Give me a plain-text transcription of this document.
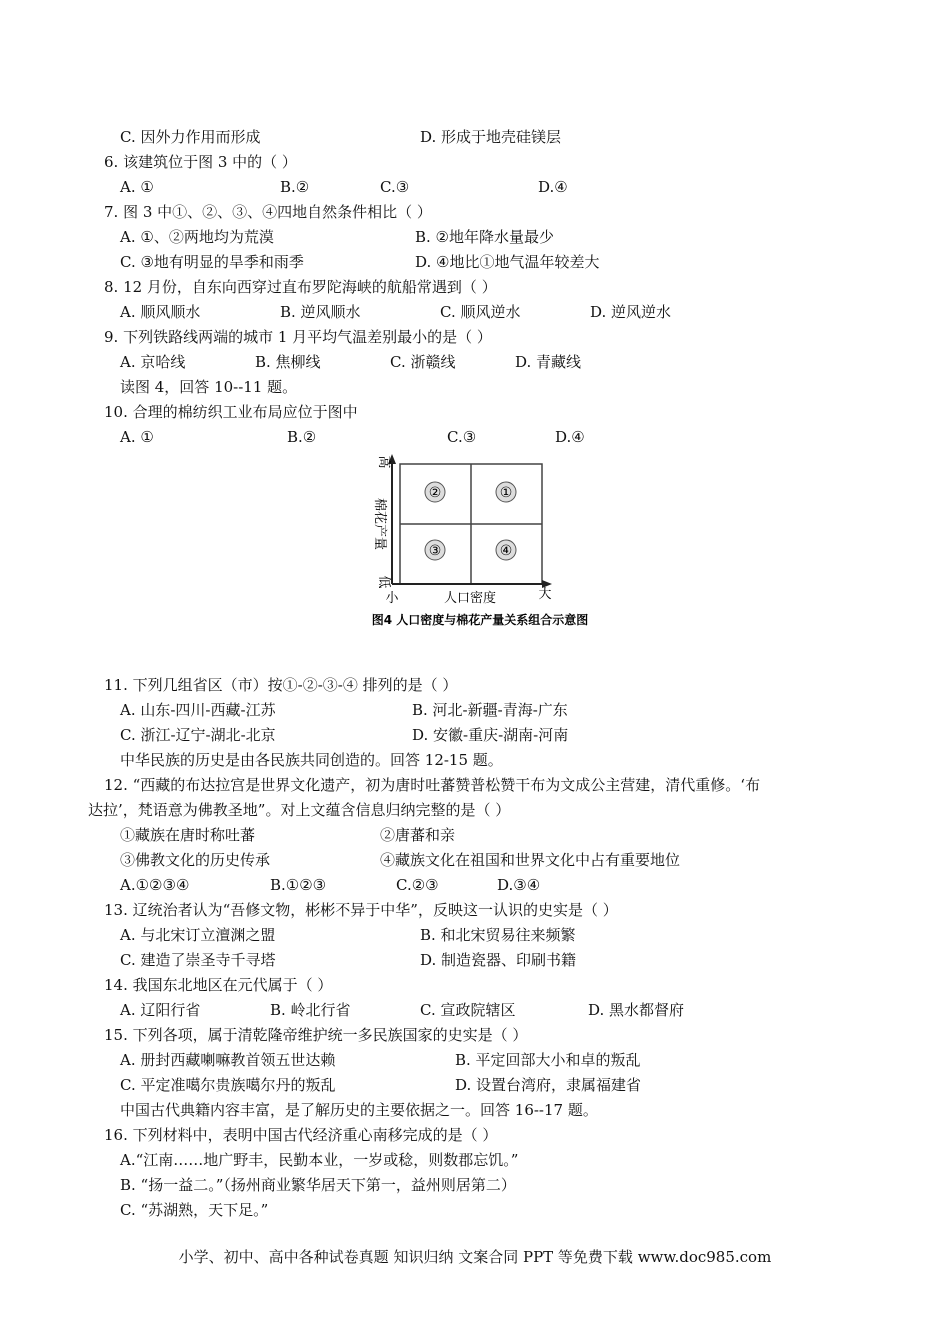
C. 因外力作用而形成	D. 形成于地壳硅镁层
6. 该建筑位于图 3 中的（ ）
A. ①	B.②	C.③	D.④
7. 图 3 中①、②、③、④四地自然条件相比（ ）
A. ①、②两地均为荒漠	B. ②地年降水量最少
C. ③地有明显的旱季和雨季	D. ④地比①地气温年较差大
8. 12 月份，自东向西穿过直布罗陀海峡的航船常遇到（ ）
A. 顺风顺水	B. 逆风顺水	C. 顺风逆水	D. 逆风逆水
9. 下列铁路线两端的城市 1 月平均气温差别最小的是（ ）
A. 京哈线	B. 焦柳线	C. 浙赣线	D. 青藏线
读图 4，回答 10--11 题。
10. 合理的棉纺织工业布局应位于图中
A. ①	B.②	C.③	D.④
②	①
③	④
高
棉花产量
低
小	人口密度	大
图4 人口密度与棉花产量关系组合示意图
11. 下列几组省区（市）按①-②-③-④ 排列的是（ ）
A. 山东-四川-西藏-江苏	B. 河北-新疆-青海-广东
C. 浙江-辽宁-湖北-北京	D. 安徽-重庆-湖南-河南
中华民族的历史是由各民族共同创造的。回答 12-15 题。
12. “西藏的布达拉宫是世界文化遗产，初为唐时吐蕃赞普松赞干布为文成公主营建，清代重修。‘布
达拉’，梵语意为佛教圣地”。对上文蕴含信息归纳完整的是（ ）
①藏族在唐时称吐蕃	②唐蕃和亲
③佛教文化的历史传承	④藏族文化在祖国和世界文化中占有重要地位
A.①②③④	B.①②③	C.②③	D.③④
13. 辽统治者认为“吾修文物，彬彬不异于中华”，反映这一认识的史实是（ ）
A. 与北宋订立澶渊之盟	B. 和北宋贸易往来频繁
C. 建造了崇圣寺千寻塔	D. 制造瓷器、印刷书籍
14. 我国东北地区在元代属于（ ）
A. 辽阳行省	B. 岭北行省	C. 宣政院辖区	D. 黑水都督府
15. 下列各项，属于清乾隆帝维护统一多民族国家的史实是（ ）
A. 册封西藏喇嘛教首领五世达赖	B. 平定回部大小和卓的叛乱
C. 平定准噶尔贵族噶尔丹的叛乱	D. 设置台湾府，隶属福建省
中国古代典籍内容丰富，是了解历史的主要依据之一。回答 16--17 题。
16. 下列材料中，表明中国古代经济重心南移完成的是（ ）
A.“江南……地广野丰，民勤本业，一岁或稔，则数郡忘饥。”
B. “扬一益二。”（扬州商业繁华居天下第一，益州则居第二）
C. “苏湖熟，天下足。”
小学、初中、高中各种试卷真题 知识归纳 文案合同 PPT 等免费下载 www.doc985.com
